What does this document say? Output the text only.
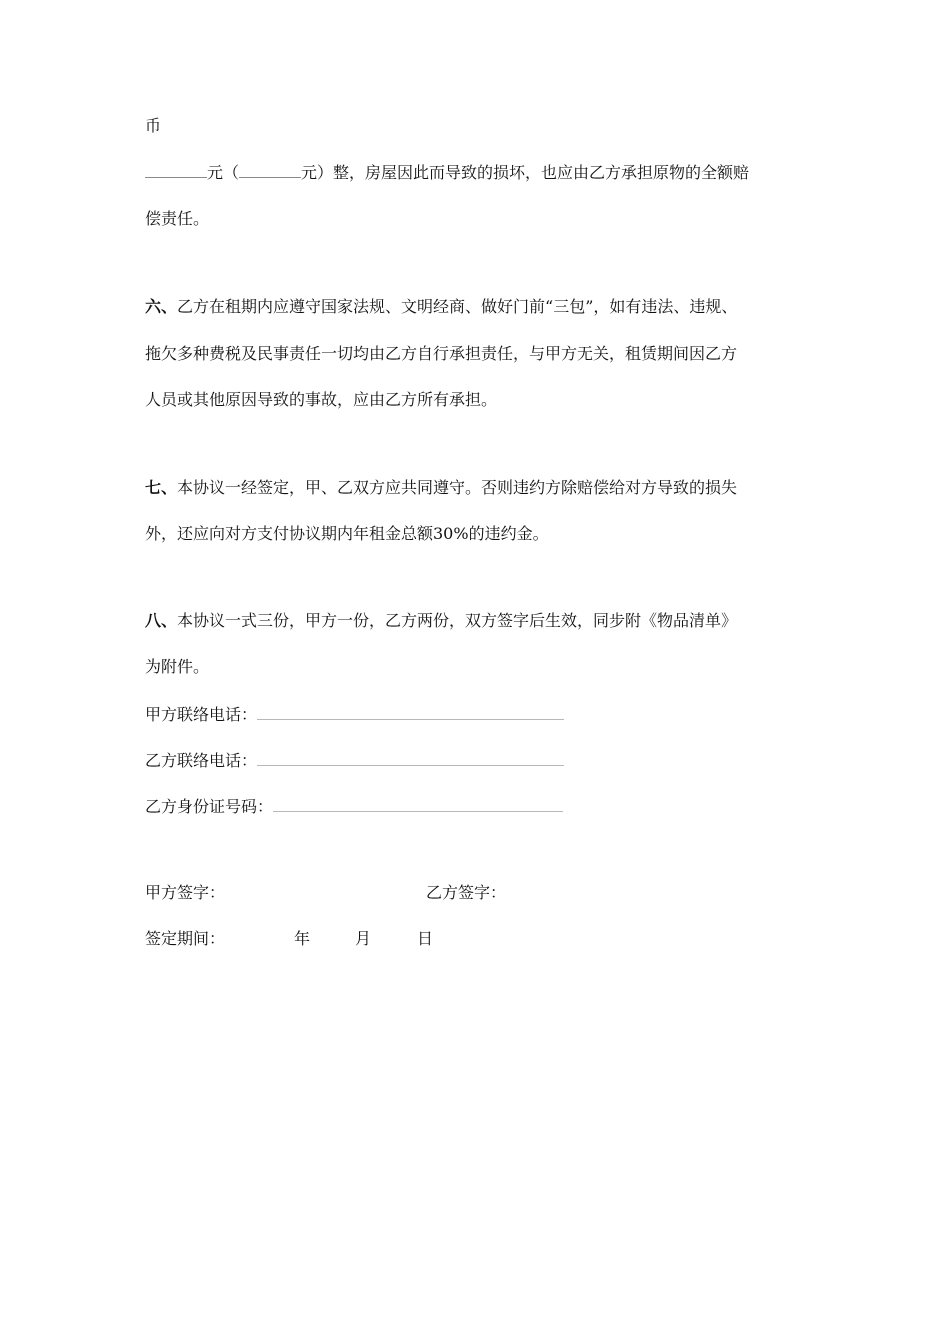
币
元（	元）整，房屋因此而导致的损坏，也应由乙方承担原物的全额赔
偿责任。
六、乙方在租期内应遵守国家法规、文明经商、做好门前“三包”，如有违法、违规、
拖欠多种费税及民事责任一切均由乙方自行承担责任，与甲方无关，租赁期间因乙方
人员或其他原因导致的事故，应由乙方所有承担。
七、本协议一经签定，甲、乙双方应共同遵守。否则违约方除赔偿给对方导致的损失
外，还应向对方支付协议期内年租金总额30%的违约金。
八、本协议一式三份，甲方一份，乙方两份，双方签字后生效，同步附《物品清单》
为附件。
甲方联络电话：
乙方联络电话：
乙方身份证号码：
甲方签字：	乙方签字：
签定期间：	年	月	日
